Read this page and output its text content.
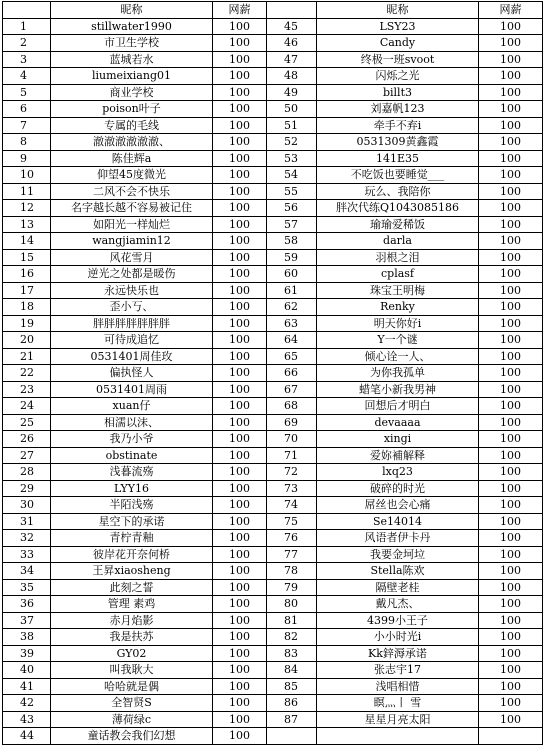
	昵称	网薪		昵称	网薪
1	stillwater1990	100	45	LSY23	100
2	市卫生学校	100	46	Candy	100
3	蓝城若水	100	47	终极一班svoot	100
4	liumeixiang01	100	48	闪烁之光	100
5	商业学校	100	49	billt3	100
6	poison叶子	100	50	刘嘉帆123	100
7	专属的毛线	100	51	牵手不弃i	100
8	澈澈澈澈澈澈、	100	52	0531309黄鑫霞	100
9	陈佳辉a	100	53	141E35	100
10	仰望45度微光	100	54	不吃饭也要睡觉___	100
11	二风不会不快乐	100	55	玩么、我陪你	100
12	名字越长越不容易被记住	100	56	胖次代练Q1043085186	100
13	如阳光一样灿烂	100	57	瑜瑜爱稀饭	100
14	wangjiamin12	100	58	darla	100
15	风花雪月	100	59	羽根之泪	100
16	逆光之处都是暖伤	100	60	cplasf	100
17	永远快乐也	100	61	珠宝王明梅	100
18	歪小丂、	100	62	Renky	100
19	胖胖胖胖胖胖胖	100	63	明天你好i	100
20	可待成追忆	100	64	Y一个谜	100
21	0531401周佳玫	100	65	倾心诠一人、	100
22	偏执怪人	100	66	为你我孤单	100
23	0531401周雨	100	67	蜡笔小新我男神	100
24	xuan仔	100	68	回想后才明白	100
25	相濡以沫、	100	69	devaaaa	100
26	我乃小爷	100	70	xingi	100
27	obstinate	100	71	爱妳補解释	100
28	浅暮流殇	100	72	lxq23	100
29	LYY16	100	73	破碎的时光	100
30	半陌浅殇	100	74	屌丝也会心痛	100
31	星空下的承诺	100	75	Se14014	100
32	青柠青釉	100	76	风语者伊卡丹	100
33	彼岸花开奈何桥	100	77	我要金坷垃	100
34	王昇xiaosheng	100	78	Stella陈欢	100
35	此刻之誓	100	79	隔壁老桂	100
36	管理 素鸡	100	80	戴凡杰、	100
37	赤月焰影	100	81	4399小王子	100
38	我是扶苏	100	82	小小时光i	100
39	GY02	100	83	Kk鋅溽承诺	100
40	叫我耿大	100	84	张志宇17	100
41	哈哈就是偶	100	85	浅唱相惜	100
42	全智贤S	100	86	瞑灬丨 雪	100
43	薄荷绿c	100	87	星星月亮太阳	100
44	童话教会我们幻想	100			
